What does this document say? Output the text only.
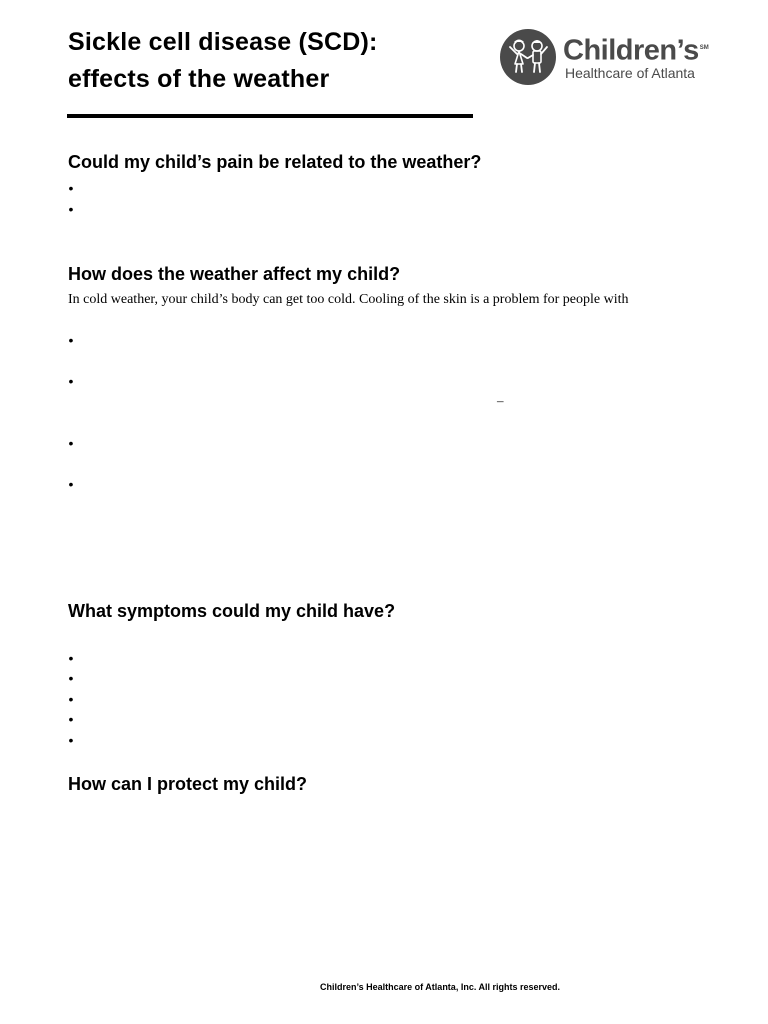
Sickle cell disease (SCD):
effects of the weather
Children’s℠
Healthcare of Atlanta
Could my child’s pain be related to the weather?
•
•
How does the weather affect my child?
In cold weather, your child’s body can get too cold. Cooling of the skin is a problem for people with
•
•
–
•
•
What symptoms could my child have?
•
•
•
•
•
How can I protect my child?
Children’s Healthcare of Atlanta, Inc. All rights reserved.
